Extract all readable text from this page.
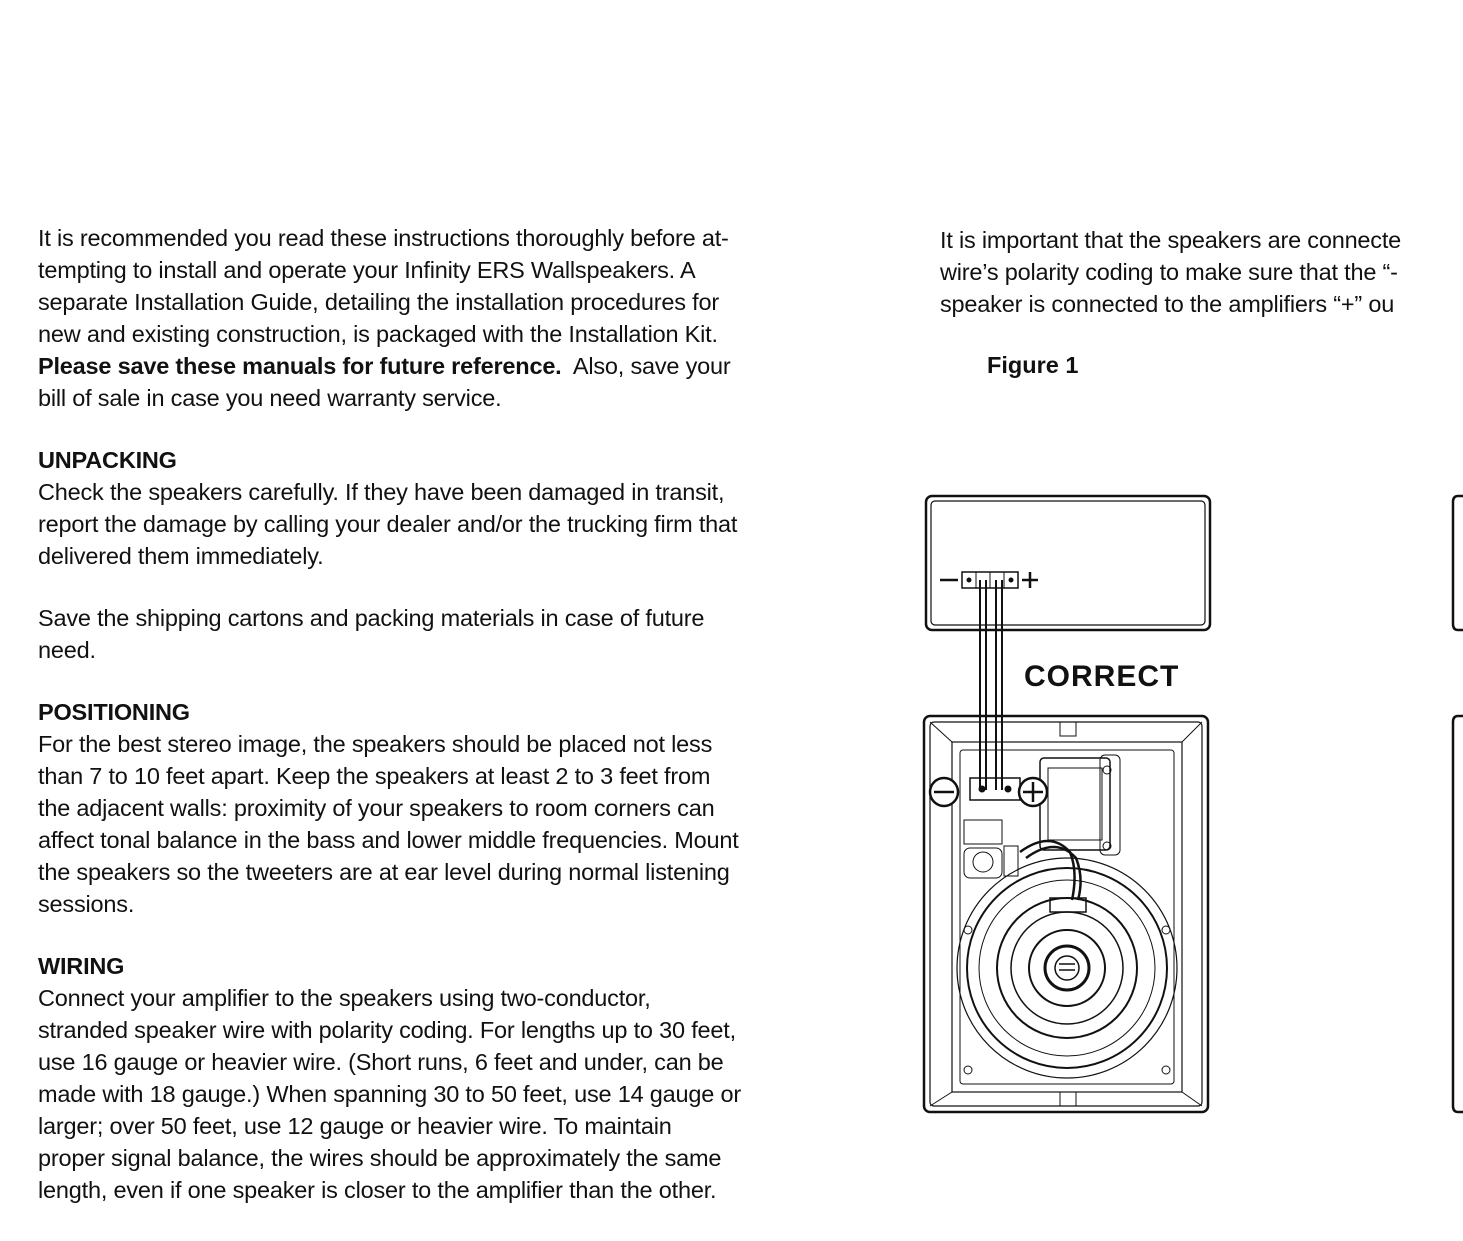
It is recommended you read these instructions thoroughly before at-

tempting to install and operate your Infinity ERS Wallspeakers. A

separate Installation Guide, detailing the installation procedures for

new and existing construction, is packaged with the Installation Kit.

Please save these manuals for future reference.  Also, save your

bill of sale in case you need warranty service.

UNPACKING

Check the speakers carefully. If they have been damaged in transit,

report the damage by calling your dealer and/or the trucking firm that

delivered them immediately.

Save the shipping cartons and packing materials in case of future

need.

POSITIONING

For the best stereo image, the speakers should be placed not less

than 7 to 10 feet apart. Keep the speakers at least 2 to 3 feet from

the adjacent walls: proximity of your speakers to room corners can

affect tonal balance in the bass and lower middle frequencies. Mount

the speakers so the tweeters are at ear level during normal listening

sessions.

WIRING

Connect your amplifier to the speakers using two-conductor,

stranded speaker wire with polarity coding. For lengths up to 30 feet,

use 16 gauge or heavier wire. (Short runs, 6 feet and under, can be

made with 18 gauge.) When spanning 30 to 50 feet, use 14 gauge or

larger; over 50 feet, use 12 gauge or heavier wire. To maintain

proper signal balance, the wires should be approximately the same

length, even if one speaker is closer to the amplifier than the other.

It is important that the speakers are connecte

wire’s polarity coding to make sure that the “-

speaker is connected to the amplifiers “+” ou

Figure 1
CORRECT
